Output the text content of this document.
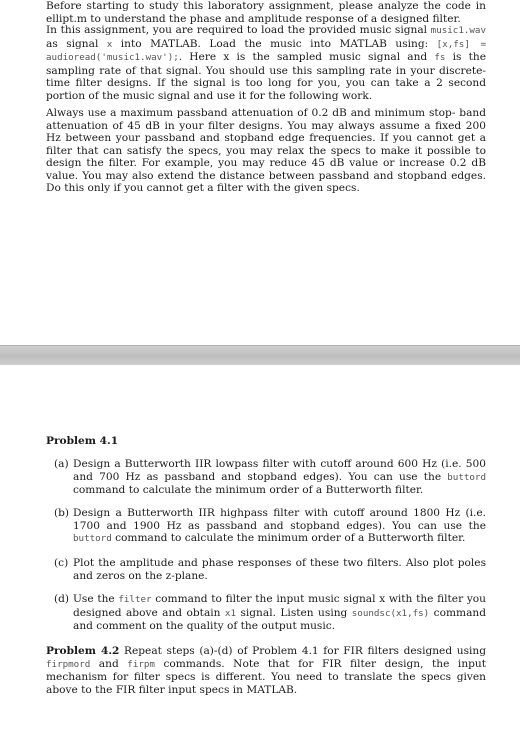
Before starting to study this laboratory assignment, please analyze the code in ellipt.m to understand the phase and amplitude response of a designed filter.
In this assignment, you are required to load the provided music signal music1.wav as signal x into MATLAB. Load the music into MATLAB using: [x,fs] = audioread('music1.wav');. Here x is the sampled music signal and fs is the sampling rate of that signal. You should use this sampling rate in your discrete-time filter designs. If the signal is too long for you, you can take a 2 second portion of the music signal and use it for the following work.
Always use a maximum passband attenuation of 0.2 dB and minimum stop- band attenuation of 45 dB in your filter designs. You may always assume a fixed 200 Hz between your passband and stopband edge frequencies. If you cannot get a filter that can satisfy the specs, you may relax the specs to make it possible to design the filter. For example, you may reduce 45 dB value or increase 0.2 dB value. You may also extend the distance between passband and stopband edges. Do this only if you cannot get a filter with the given specs.
Problem 4.1
(a) Design a Butterworth IIR lowpass filter with cutoff around 600 Hz (i.e. 500 and 700 Hz as passband and stopband edges). You can use the buttord command to calculate the minimum order of a Butterworth filter.
(b) Design a Butterworth IIR highpass filter with cutoff around 1800 Hz (i.e. 1700 and 1900 Hz as passband and stopband edges). You can use the buttord command to calculate the minimum order of a Butterworth filter.
(c) Plot the amplitude and phase responses of these two filters. Also plot poles and zeros on the z-plane.
(d) Use the filter command to filter the input music signal x with the filter you designed above and obtain x1 signal. Listen using soundsc(x1,fs) command and comment on the quality of the output music.
Problem 4.2 Repeat steps (a)-(d) of Problem 4.1 for FIR filters designed using firpmord and firpm commands. Note that for FIR filter design, the input mechanism for filter specs is different. You need to translate the specs given above to the FIR filter input specs in MATLAB.
